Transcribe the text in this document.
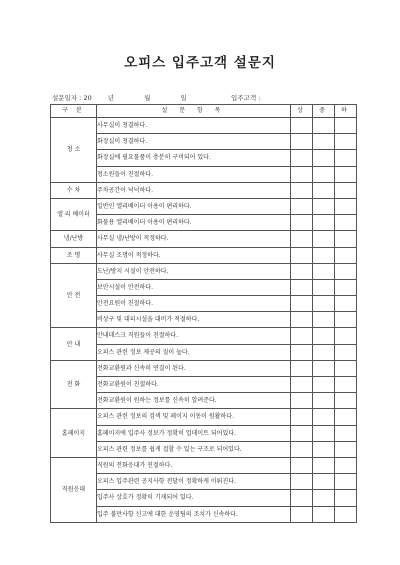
오피스 입주고객 설문지
설문일자 : 20 년	월	일	입주고객 :
구 분	설 문 항 목	상	중	하

청 소	사무실이 청결하다.			
	화장실이 청결하다.			
	화장실에 필요물품이 충분히 구비되어 있다.			
	청소원들이 친절하다.			

수 차	주차공간이 넉넉하다.			

엘 리 베이터	일반인 엘리베이터 이용이 편리하다.			
	화물용 엘리베이터 이용이 편리하다.			

냉/난방	사무실 냉/난방이 적정하다.			

조 명	사무실 조명이 적정하다.			

안 전	도난/방지 시설이 안전하다.			
	보안시설이 안전하다.			
	안전요원이 친절하다.			
	비상구 및 대피시설을 대비가 적절하다.			

안 내	안내데스크 직원들이 친절하다.			
	오피스 관련 정보 제공의 질이 높다.			

전 화	전화교환원과 신속히 연결이 된다.			
	전화교환원이 친절하다.			
	전화교환원이 원하는 정보를 신속히 알려준다.			

홈페이지	오피스 관련 정보의 검색 및 페이지 이동이 원활하다.			
	홈페이지에 입주사 정보가 정확히 업데이트 되어있다.			
	오피스 관련 정보를 쉽게 접할 수 있는 구조로 되어있다.			

직원응대	직원의 전화응대가 친절하다.			
	오피스 입주관련 공지사항 전달이 정확하게 이뤄진다.			
	입주사 상호가 정확히 기재되어 있다.			
	입주 불만사항 신고에 대한 운영팀의 조치가 신속하다.			
